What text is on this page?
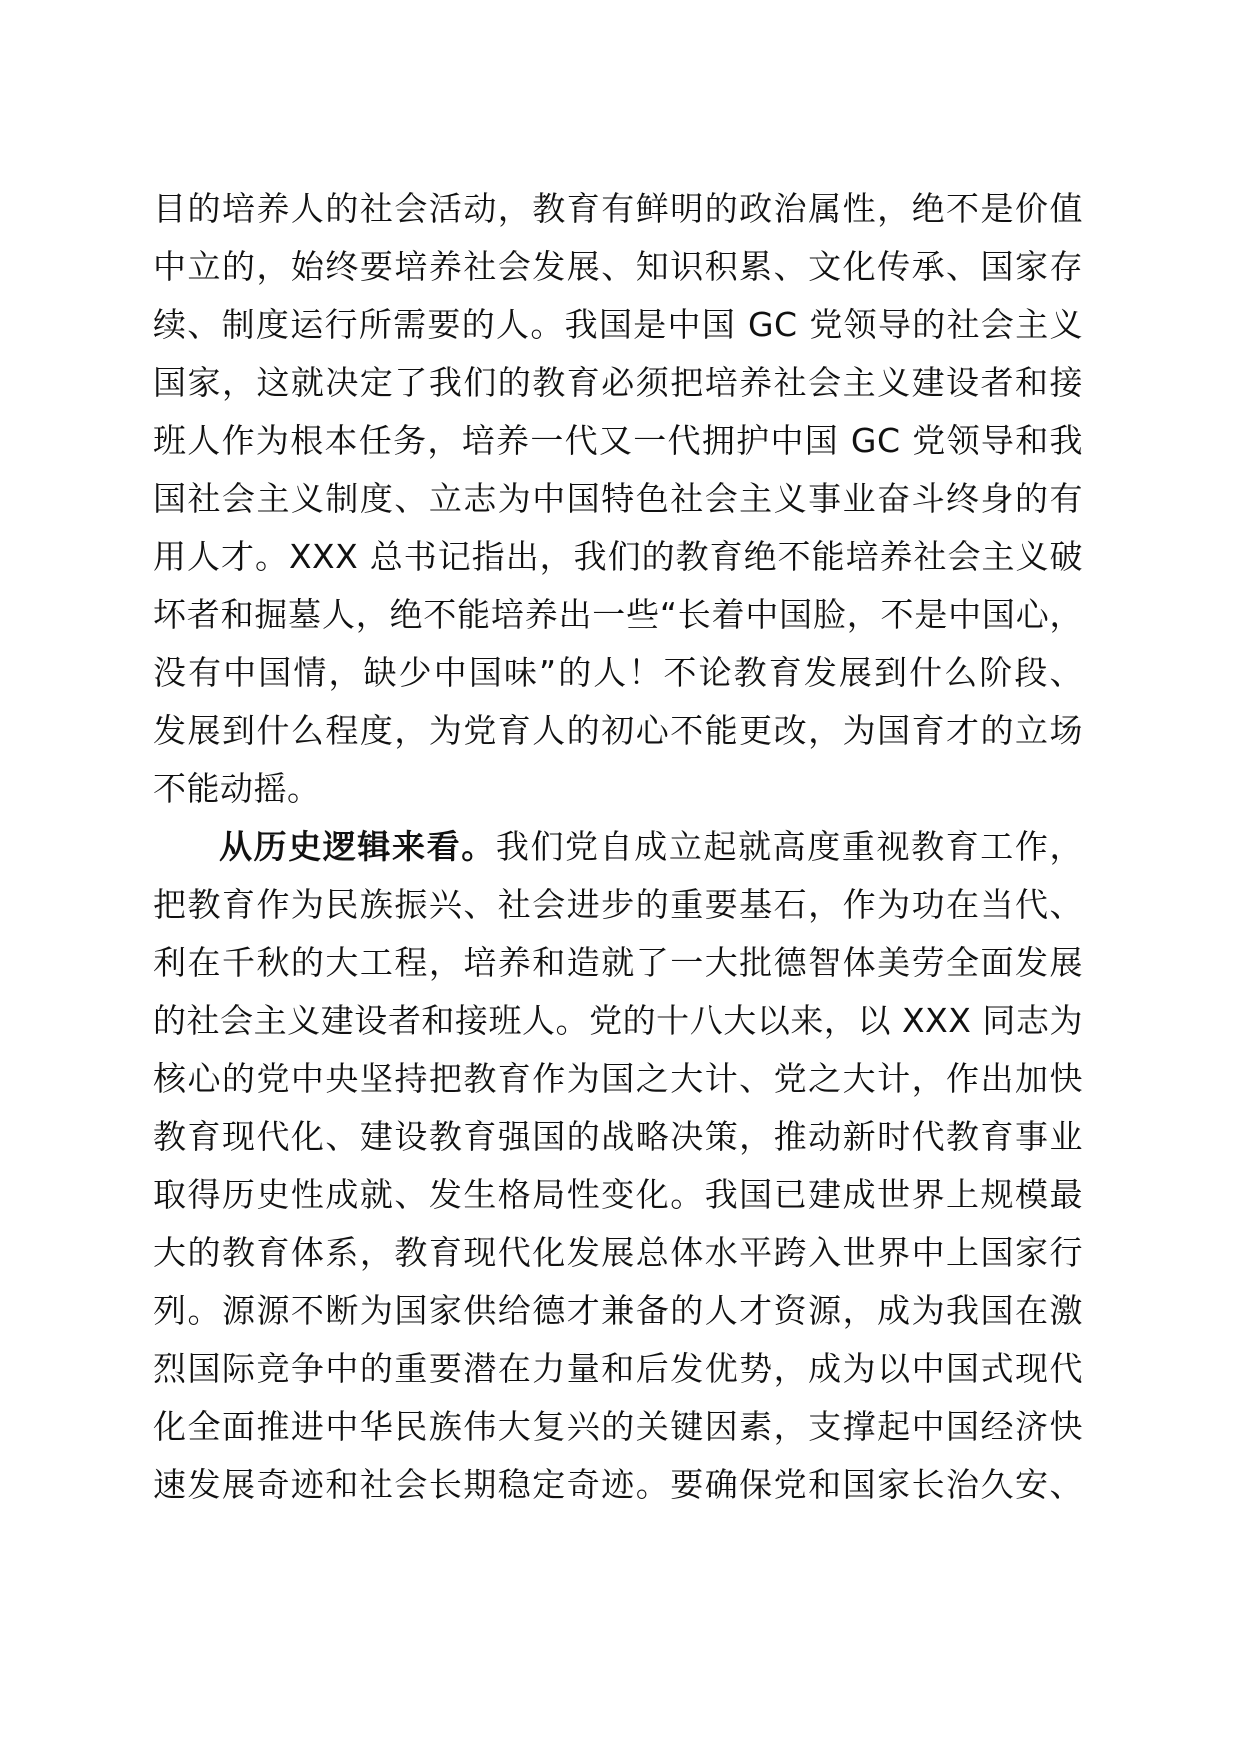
目的培养人的社会活动，教育有鲜明的政治属性，绝不是价值
中立的，始终要培养社会发展、知识积累、文化传承、国家存
续、制度运行所需要的人。我国是中国 GC 党领导的社会主义
国家，这就决定了我们的教育必须把培养社会主义建设者和接
班人作为根本任务，培养一代又一代拥护中国 GC 党领导和我
国社会主义制度、立志为中国特色社会主义事业奋斗终身的有
用人才。XXX 总书记指出，我们的教育绝不能培养社会主义破
坏者和掘墓人，绝不能培养出一些“长着中国脸，不是中国心，
没有中国情，缺少中国味”的人！不论教育发展到什么阶段、
发展到什么程度，为党育人的初心不能更改，为国育才的立场
不能动摇。
从历史逻辑来看。我们党自成立起就高度重视教育工作，
把教育作为民族振兴、社会进步的重要基石，作为功在当代、
利在千秋的大工程，培养和造就了一大批德智体美劳全面发展
的社会主义建设者和接班人。党的十八大以来，以 XXX 同志为
核心的党中央坚持把教育作为国之大计、党之大计，作出加快
教育现代化、建设教育强国的战略决策，推动新时代教育事业
取得历史性成就、发生格局性变化。我国已建成世界上规模最
大的教育体系，教育现代化发展总体水平跨入世界中上国家行
列。源源不断为国家供给德才兼备的人才资源，成为我国在激
烈国际竞争中的重要潜在力量和后发优势，成为以中国式现代
化全面推进中华民族伟大复兴的关键因素，支撑起中国经济快
速发展奇迹和社会长期稳定奇迹。要确保党和国家长治久安、
